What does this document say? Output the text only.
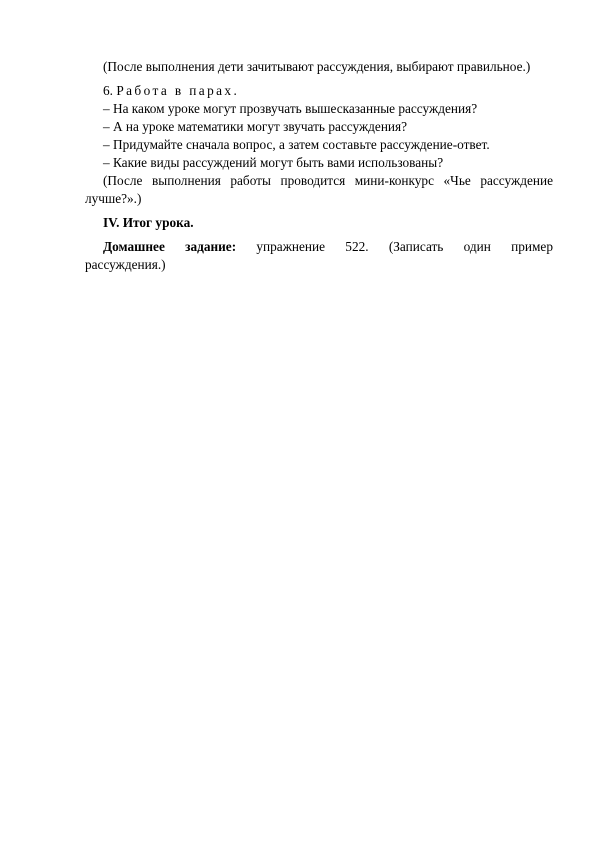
(После выполнения дети зачитывают рассуждения, выбирают правильное.)

6. Работа в парах.

– На каком уроке могут прозвучать вышесказанные рассуждения?

– А на уроке математики могут звучать рассуждения?

– Придумайте сначала вопрос, а затем составьте рассуждение-ответ.

– Какие виды рассуждений могут быть вами использованы?

(После выполнения работы проводится мини-конкурс «Чье рассуждение лучше?».)

IV. Итог урока.

Домашнее задание: упражнение 522. (Записать один пример

рассуждения.)
